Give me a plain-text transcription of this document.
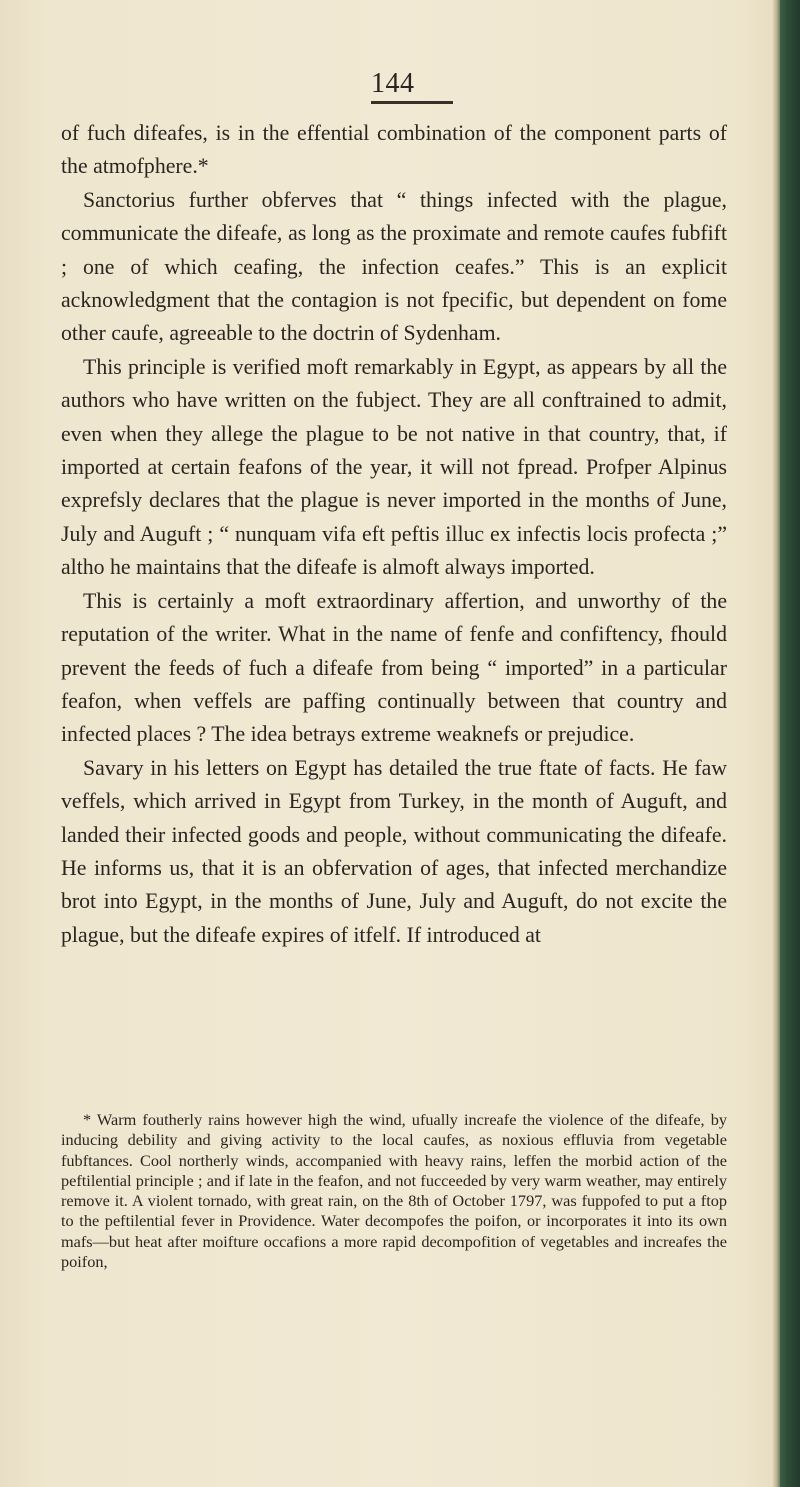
144

of fuch difeafes, is in the effential combination of the component parts of the atmofphere.*

Sanctorius further obferves that “ things infected with the plague, communicate the difeafe, as long as the proximate and remote caufes fubfift ; one of which ceafing, the infection ceafes.” This is an explicit acknowledgment that the contagion is not fpecific, but dependent on fome other caufe, agreeable to the doctrin of Sydenham.

This principle is verified moft remarkably in Egypt, as appears by all the authors who have written on the fubject. They are all conftrained to admit, even when they allege the plague to be not native in that country, that, if imported at certain feafons of the year, it will not fpread. Profper Alpinus exprefsly declares that the plague is never imported in the months of June, July and Auguft ; “ nunquam vifa eft peftis illuc ex infectis locis profecta ;” altho he maintains that the difeafe is almoft always imported.

This is certainly a moft extraordinary affertion, and unworthy of the reputation of the writer. What in the name of fenfe and confiftency, fhould prevent the feeds of fuch a difeafe from being “ imported” in a particular feafon, when veffels are paffing continually between that country and infected places ? The idea betrays extreme weaknefs or prejudice.

Savary in his letters on Egypt has detailed the true ftate of facts. He faw veffels, which arrived in Egypt from Turkey, in the month of Auguft, and landed their infected goods and people, without communicating the difeafe. He informs us, that it is an obfervation of ages, that infected merchandize brot into Egypt, in the months of June, July and Auguft, do not excite the plague, but the difeafe expires of itfelf. If introduced at

* Warm foutherly rains however high the wind, ufually increafe the violence of the difeafe, by inducing debility and giving activity to the local caufes, as noxious effluvia from vegetable fubftances. Cool northerly winds, accompanied with heavy rains, leffen the morbid action of the peftilential principle ; and if late in the feafon, and not fucceeded by very warm weather, may entirely remove it. A violent tornado, with great rain, on the 8th of October 1797, was fuppofed to put a ftop to the peftilential fever in Providence. Water decompofes the poifon, or incorporates it into its own mafs—but heat after moifture occafions a more rapid decompofition of vegetables and increafes the poifon,
